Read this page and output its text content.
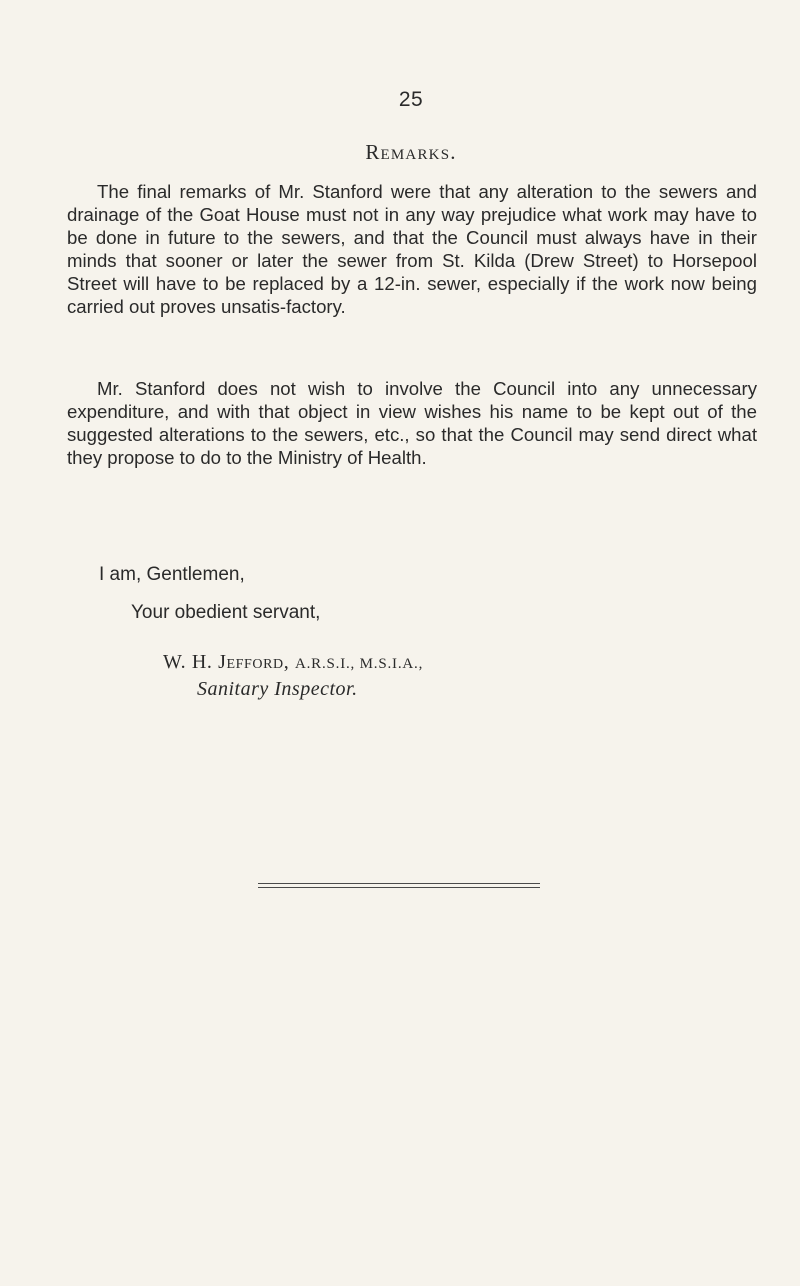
25
Remarks.

The final remarks of Mr. Stanford were that any alteration to the sewers and drainage of the Goat House must not in any way prejudice what work may have to be done in future to the sewers, and that the Council must always have in their minds that sooner or later the sewer from St. Kilda (Drew Street) to Horsepool Street will have to be replaced by a 12-in. sewer, especially if the work now being carried out proves unsatis-factory.

Mr. Stanford does not wish to involve the Council into any unnecessary expenditure, and with that object in view wishes his name to be kept out of the suggested alterations to the sewers, etc., so that the Council may send direct what they propose to do to the Ministry of Health.

I am, Gentlemen,
Your obedient servant,
W. H. Jefford, A.R.S.I., M.S.I.A.,
Sanitary Inspector.
